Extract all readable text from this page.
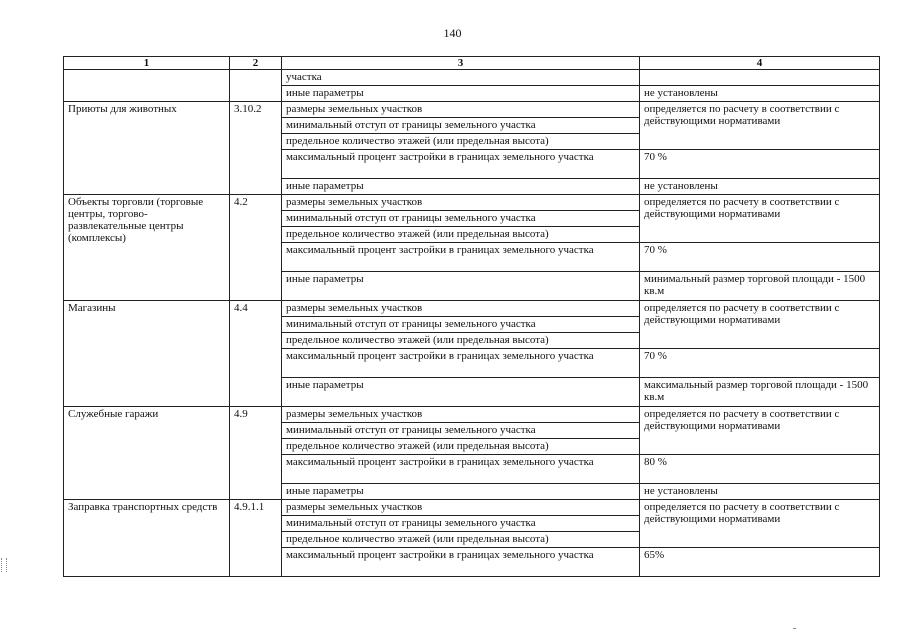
140
1	2	3	4
		участка	
		иные параметры	не установлены
Приюты для животных	3.10.2	размеры земельных участков	определяется по расчету в соответствии с действующими нормативами
		минимальный отступ от границы земельного участка	
		предельное количество этажей (или предельная высота)	
		максимальный процент застройки в границах земельного участка	70 %
		иные параметры	не установлены
Объекты торговли (торговые центры, торгово-развлекательные центры (комплексы)	4.2	размеры земельных участков	определяется по расчету в соответствии с действующими нормативами
		минимальный отступ от границы земельного участка	
		предельное количество этажей (или предельная высота)	
		максимальный процент застройки в границах земельного участка	70 %
		иные параметры	минимальный размер торговой площади - 1500 кв.м
Магазины	4.4	размеры земельных участков	определяется по расчету в соответствии с действующими нормативами
		минимальный отступ от границы земельного участка	
		предельное количество этажей (или предельная высота)	
		максимальный процент застройки в границах земельного участка	70 %
		иные параметры	максимальный размер торговой площади - 1500 кв.м
Служебные гаражи	4.9	размеры земельных участков	определяется по расчету в соответствии с действующими нормативами
		минимальный отступ от границы земельного участка	
		предельное количество этажей (или предельная высота)	
		максимальный процент застройки в границах земельного участка	80 %
		иные параметры	не установлены
Заправка транспортных средств	4.9.1.1	размеры земельных участков	определяется по расчету в соответствии с действующими нормативами
		минимальный отступ от границы земельного участка	
		предельное количество этажей (или предельная высота)	
		максимальный процент застройки в границах земельного участка	65%
